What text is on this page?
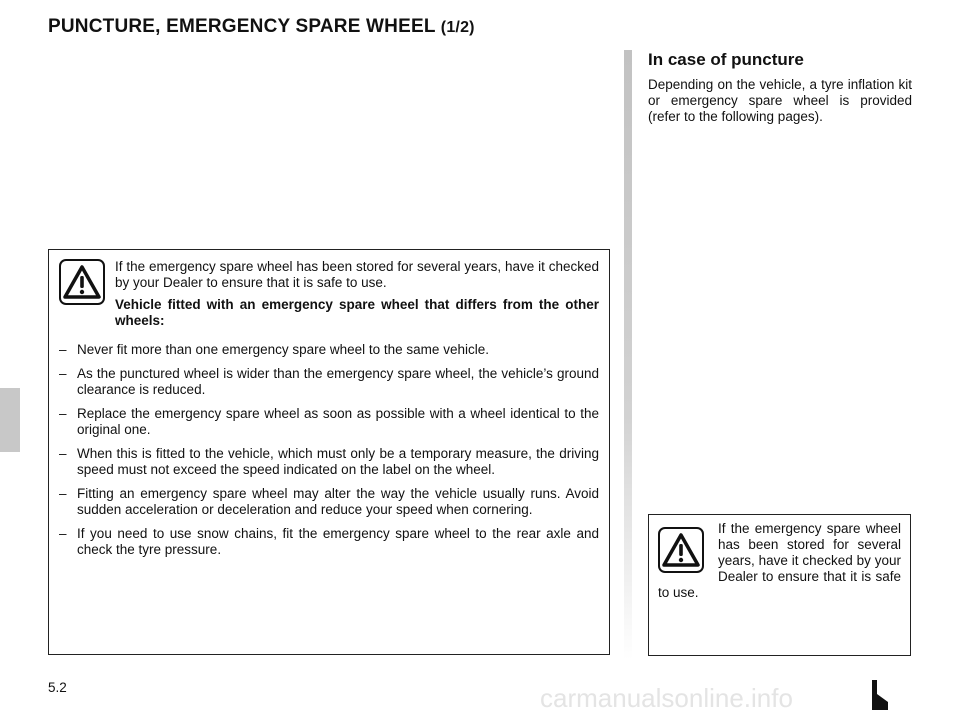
PUNCTURE, EMERGENCY SPARE WHEEL (1/2)
In case of puncture

Depending on the vehicle, a tyre inflation kit or emergency spare wheel is provided (refer to the following pages).

If the emergency spare wheel has been stored for several years, have it checked by your Dealer to ensure that it is safe to use.

Vehicle fitted with an emergency spare wheel that differs from the other wheels:

– Never fit more than one emergency spare wheel to the same vehicle.
– As the punctured wheel is wider than the emergency spare wheel, the vehicle’s ground clearance is reduced.
– Replace the emergency spare wheel as soon as possible with a wheel identical to the original one.
– When this is fitted to the vehicle, which must only be a temporary measure, the driving speed must not exceed the speed indicated on the label on the wheel.
– Fitting an emergency spare wheel may alter the way the vehicle usually runs. Avoid sudden acceleration or deceleration and reduce your speed when cornering.
– If you need to use snow chains, fit the emergency spare wheel to the rear axle and check the tyre pressure.
If the emergency spare wheel has been stored for several years, have it checked by your Dealer to ensure that it is safe to use.
5.2	carmanualsonline.info
